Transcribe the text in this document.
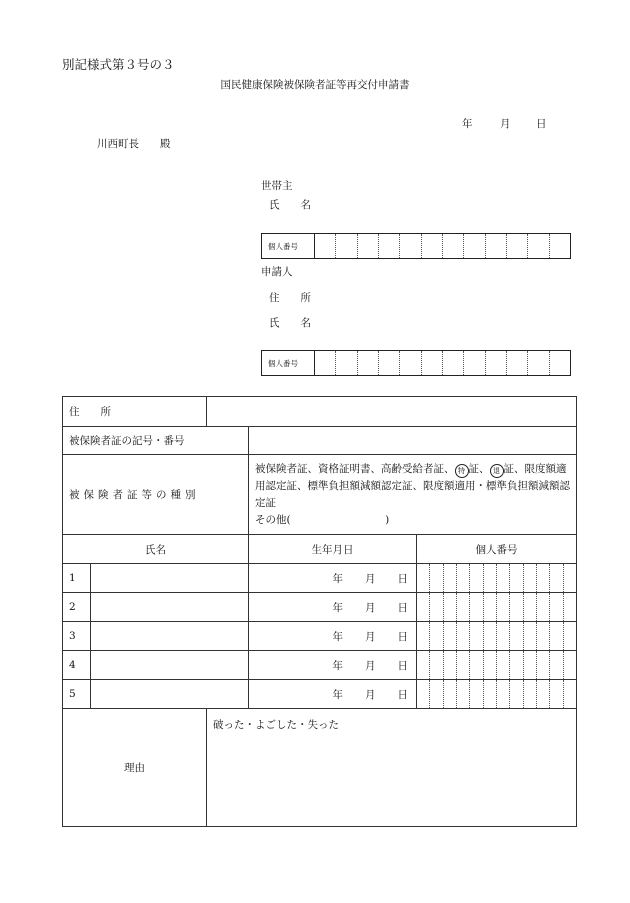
別記様式第３号の３
国民健康保険被保険者証等再交付申請書
年	月 日
川西町長　　殿
世帯主
氏　　名
個人番号
申請人
住　　所
氏　　名
個人番号
住　　所				
被保険者証の記号・番号				
被保険者証等の種別			被保険者証、資格証明書、高齢受給者証、 特 証、 退 証、限度額適用認定証、標準負担額減額認定証、限度額適用・標準負担額減額認定証
その他(　　　　　　　　　)	
氏名			生年月日	個人番号
1			年 月 日	

2			年 月 日	

3			年 月 日	

4			年 月 日	

5			年 月 日	

理由		破った・よごした・失った		
